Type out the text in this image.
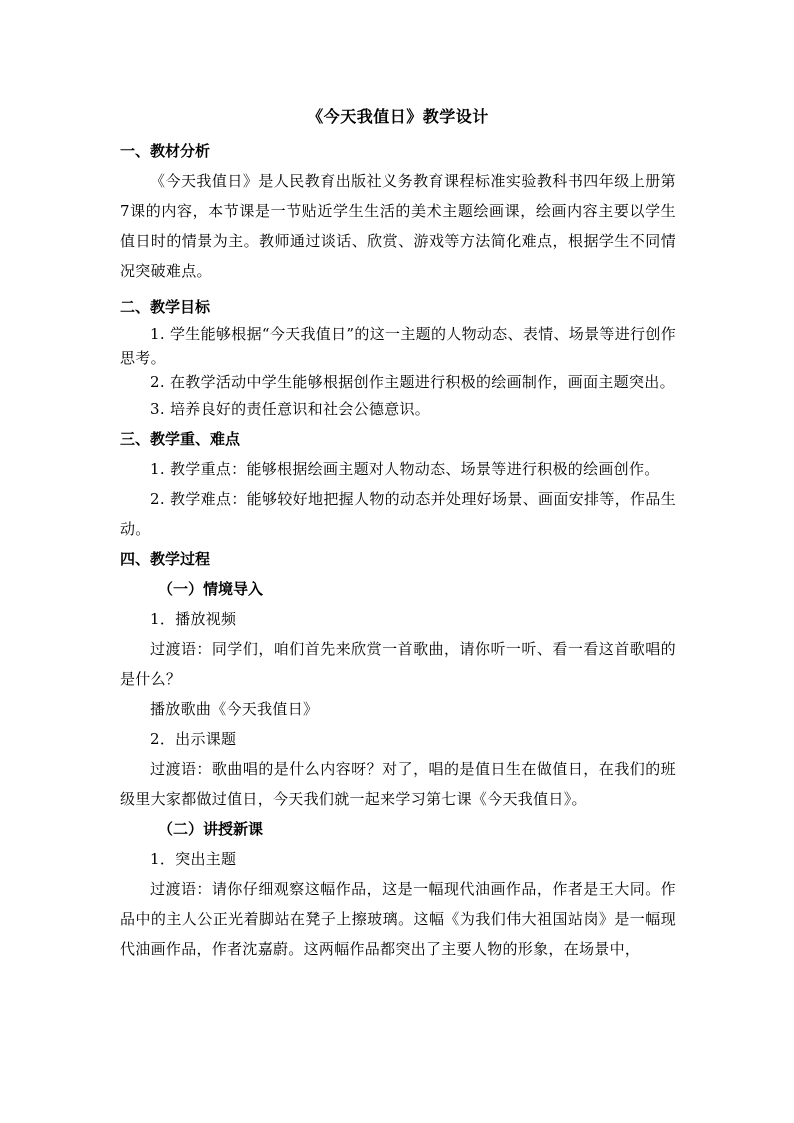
《今天我值日》教学设计
一、教材分析
《今天我值日》是人民教育出版社义务教育课程标准实验教科书四年级上册第7课的内容，本节课是一节贴近学生生活的美术主题绘画课，绘画内容主要以学生值日时的情景为主。教师通过谈话、欣赏、游戏等方法简化难点，根据学生不同情况突破难点。
二、教学目标
1. 学生能够根据“今天我值日”的这一主题的人物动态、表情、场景等进行创作思考。
2. 在教学活动中学生能够根据创作主题进行积极的绘画制作，画面主题突出。
3. 培养良好的责任意识和社会公德意识。
三、教学重、难点
1. 教学重点：能够根据绘画主题对人物动态、场景等进行积极的绘画创作。
2. 教学难点：能够较好地把握人物的动态并处理好场景、画面安排等，作品生动。
四、教学过程
（一）情境导入
1．播放视频
过渡语：同学们，咱们首先来欣赏一首歌曲，请你听一听、看一看这首歌唱的是什么？
播放歌曲《今天我值日》
2．出示课题
过渡语：歌曲唱的是什么内容呀？对了，唱的是值日生在做值日，在我们的班级里大家都做过值日，今天我们就一起来学习第七课《今天我值日》。
（二）讲授新课
1．突出主题
过渡语：请你仔细观察这幅作品，这是一幅现代油画作品，作者是王大同。作品中的主人公正光着脚站在凳子上擦玻璃。这幅《为我们伟大祖国站岗》是一幅现代油画作品，作者沈嘉蔚。这两幅作品都突出了主要人物的形象，在场景中，
